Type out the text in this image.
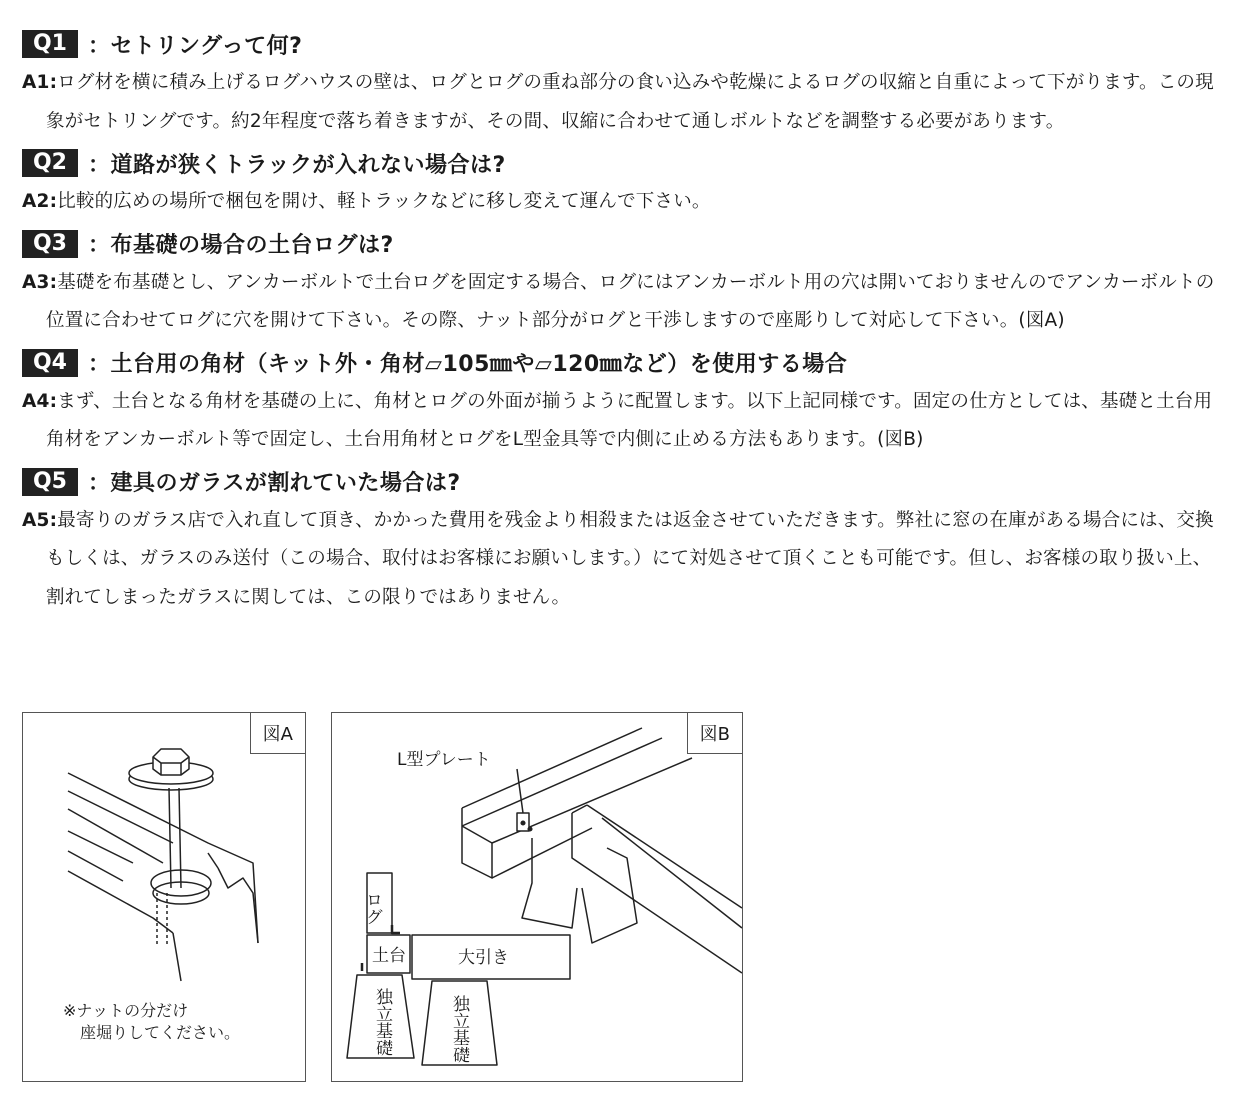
Q1 ：セトリングって何?
A1:ログ材を横に積み上げるログハウスの壁は、ログとログの重ね部分の食い込みや乾燥によるログの収縮と自重によって下がります。この現象がセトリングです。約2年程度で落ち着きますが、その間、収縮に合わせて通しボルトなどを調整する必要があります。
Q2 ：道路が狭くトラックが入れない場合は?
A2:比較的広めの場所で梱包を開け、軽トラックなどに移し変えて運んで下さい。
Q3 ：布基礎の場合の土台ログは?
A3:基礎を布基礎とし、アンカーボルトで土台ログを固定する場合、ログにはアンカーボルト用の穴は開いておりませんのでアンカーボルトの位置に合わせてログに穴を開けて下さい。その際、ナット部分がログと干渉しますので座彫りして対応して下さい。(図A)
Q4 ：土台用の角材（キット外・角材▱105㎜や▱120㎜など）を使用する場合
A4:まず、土台となる角材を基礎の上に、角材とログの外面が揃うように配置します。以下上記同様です。固定の仕方としては、基礎と土台用角材をアンカーボルト等で固定し、土台用角材とログをL型金具等で内側に止める方法もあります。(図B)
Q5 ：建具のガラスが割れていた場合は?
A5:最寄りのガラス店で入れ直して頂き、かかった費用を残金より相殺または返金させていただきます。弊社に窓の在庫がある場合には、交換もしくは、ガラスのみ送付（この場合、取付はお客様にお願いします。）にて対処させて頂くことも可能です。但し、お客様の取り扱い上、割れてしまったガラスに関しては、この限りではありません。
図A
※ナットの分だけ
座堀りしてください。
図B
L型プレート
ログ
土台	大引き
独立基礎	独立基礎
